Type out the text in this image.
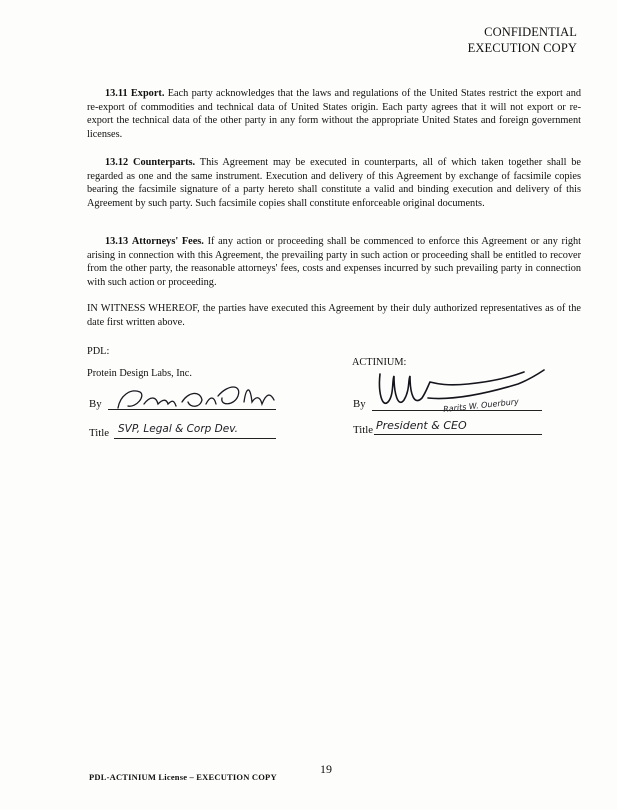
CONFIDENTIAL
EXECUTION COPY
13.11 Export. Each party acknowledges that the laws and regulations of the United States restrict the export and re-export of commodities and technical data of United States origin. Each party agrees that it will not export or re-export the technical data of the other party in any form without the appropriate United States and foreign government licenses.
13.12 Counterparts. This Agreement may be executed in counterparts, all of which taken together shall be regarded as one and the same instrument. Execution and delivery of this Agreement by exchange of facsimile copies bearing the facsimile signature of a party hereto shall constitute a valid and binding execution and delivery of this Agreement by such party. Such facsimile copies shall constitute enforceable original documents.
13.13 Attorneys' Fees. If any action or proceeding shall be commenced to enforce this Agreement or any right arising in connection with this Agreement, the prevailing party in such action or proceeding shall be entitled to recover from the other party, the reasonable attorneys' fees, costs and expenses incurred by such prevailing party in connection with such action or proceeding.
IN WITNESS WHEREOF, the parties have executed this Agreement by their duly authorized representatives as of the date first written above.
PDL:
Protein Design Labs, Inc.
By
Title SVP, Legal & Corp Dev.
ACTINIUM:
By	Rarits W. Ouerbury
Title President & CEO
19
PDL-ACTINIUM License – EXECUTION COPY
